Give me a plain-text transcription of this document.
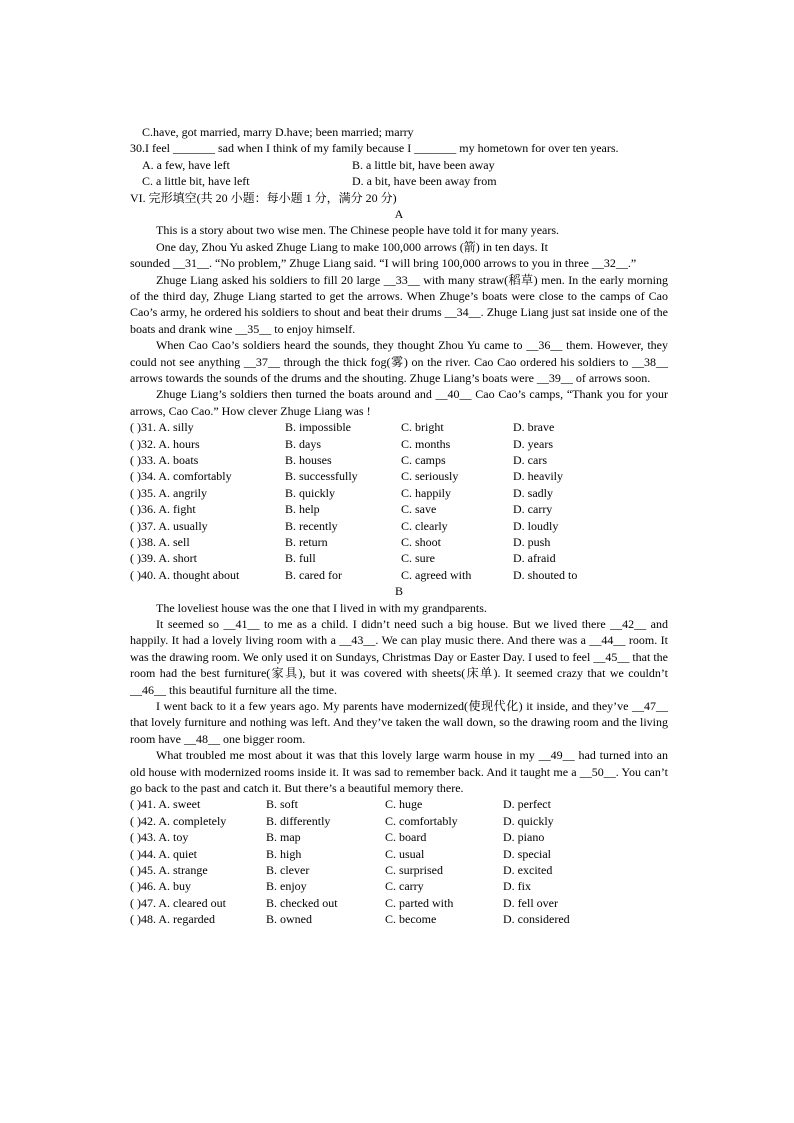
C.have, got married, marry D.have; been married; marry
30.I feel _______ sad when I think of my family because I _______ my hometown for over ten years.
A. a few, have left	B. a little bit, have been away
C. a little bit, have left	D. a bit, have been away from
VI. 完形填空(共 20 小题：每小题 1 分，满分 20 分)
A
This is a story about two wise men. The Chinese people have told it for many years.
One day, Zhou Yu asked Zhuge Liang to make 100,000 arrows (箭) in ten days. It
sounded __31__. “No problem,” Zhuge Liang said. “I will bring 100,000 arrows to you in three __32__.”
Zhuge Liang asked his soldiers to fill 20 large __33__ with many straw(稻草) men. In the early morning of the third day, Zhuge Liang started to get the arrows. When Zhuge’s boats were close to the camps of Cao Cao’s army, he ordered his soldiers to shout and beat their drums __34__. Zhuge Liang just sat inside one of the boats and drank wine __35__ to enjoy himself.
When Cao Cao’s soldiers heard the sounds, they thought Zhou Yu came to __36__ them. However, they could not see anything __37__ through the thick fog(雾) on the river. Cao Cao ordered his soldiers to __38__ arrows towards the sounds of the drums and the shouting. Zhuge Liang’s boats were __39__ of arrows soon.
Zhuge Liang’s soldiers then turned the boats around and __40__ Cao Cao’s camps, “Thank you for your arrows, Cao Cao.” How clever Zhuge Liang was !
( )31. A. silly	B. impossible	C. bright	D. brave
( )32. A. hours	B. days	C. months	D. years
( )33. A. boats	B. houses	C. camps	D. cars
( )34. A. comfortably	B. successfully	C. seriously	D. heavily
( )35. A. angrily	B. quickly	C. happily	D. sadly
( )36. A. fight	B. help	C. save	D. carry
( )37. A. usually	B. recently	C. clearly	D. loudly
( )38. A. sell	B. return	C. shoot	D. push
( )39. A. short	B. full	C. sure	D. afraid
( )40. A. thought about	B. cared for	C. agreed with	D. shouted to
B
The loveliest house was the one that I lived in with my grandparents.
It seemed so __41__ to me as a child. I didn’t need such a big house. But we lived there __42__ and happily. It had a lovely living room with a __43__. We can play music there. And there was a __44__ room. It was the drawing room. We only used it on Sundays, Christmas Day or Easter Day. I used to feel __45__ that the room had the best furniture(家具), but it was covered with sheets(床单). It seemed crazy that we couldn’t __46__ this beautiful furniture all the time.
I went back to it a few years ago. My parents have modernized(使现代化) it inside, and they’ve __47__ that lovely furniture and nothing was left. And they’ve taken the wall down, so the drawing room and the living room have __48__ one bigger room.
What troubled me most about it was that this lovely large warm house in my __49__ had turned into an old house with modernized rooms inside it. It was sad to remember back. And it taught me a __50__. You can’t go back to the past and catch it. But there’s a beautiful memory there.
( )41. A. sweet	B. soft	C. huge	D. perfect
( )42. A. completely	B. differently	C. comfortably	D. quickly
( )43. A. toy	B. map	C. board	D. piano
( )44. A. quiet	B. high	C. usual	D. special
( )45. A. strange	B. clever	C. surprised	D. excited
( )46. A. buy	B. enjoy	C. carry	D. fix
( )47. A. cleared out	B. checked out	C. parted with	D. fell over
( )48. A. regarded	B. owned	C. become	D. considered
